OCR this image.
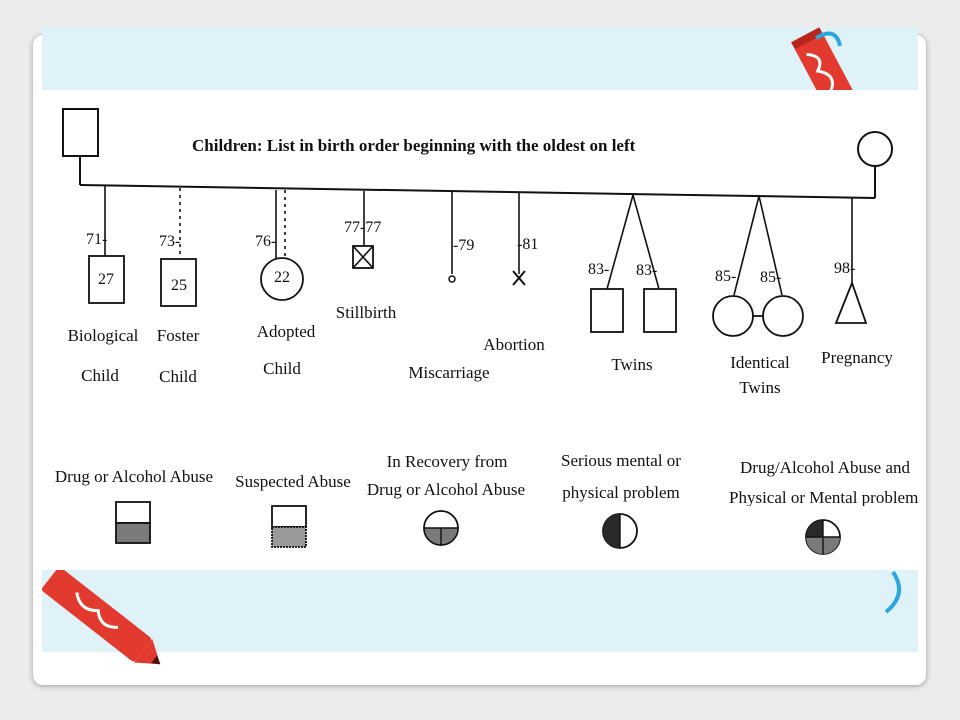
Children: List in birth order beginning with the oldest on left
71-
27
73-
25
76-
22
77-77
-79	-81
83- 83-	85- 85-
98-
Biological
Child
Foster
Child
Adopted
Child
Stillbirth
Miscarriage
Abortion
Twins	Identical
Twins
Pregnancy
Drug or Alcohol Abuse Suspected Abuse
In Recovery from
Drug or Alcohol Abuse
Serious mental or
physical problem
Drug/Alcohol Abuse and
Physical or Mental problem
